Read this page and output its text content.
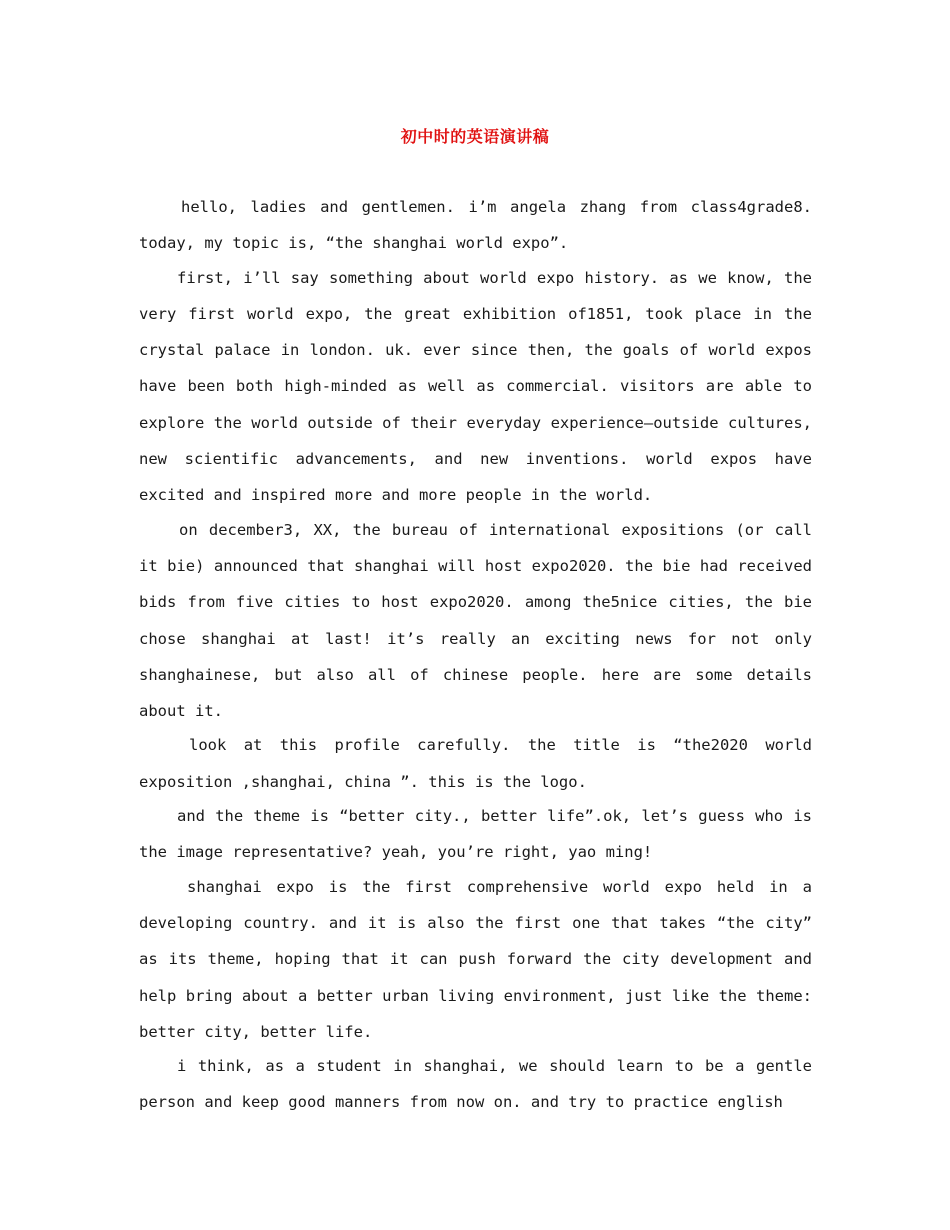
初中时的英语演讲稿

hello, ladies and gentlemen. i’m angela zhang from class4grade8. today, my topic is, “the shanghai world expo”.

first, i’ll say something about world expo history. as we know, the very first world expo, the great exhibition of1851, took place in the crystal palace in london. uk. ever since then, the goals of world expos have been both high-minded as well as commercial. visitors are able to explore the world outside of their everyday experience—outside cultures, new scientific advancements, and new inventions. world expos have excited and inspired more and more people in the world.

on december3, XX, the bureau of international expositions (or call it bie) announced that shanghai will host expo2020. the bie had received bids from five cities to host expo2020. among the5nice cities, the bie chose shanghai at last! it’s really an exciting news for not only shanghainese, but also all of chinese people. here are some details about it.

look at this profile carefully. the title is “the2020 world exposition ,shanghai, china ”. this is the logo.

and the theme is “better city., better life”.ok, let’s guess who is the image representative? yeah, you’re right, yao ming!

shanghai expo is the first comprehensive world expo held in a developing country. and it is also the first one that takes “the city” as its theme, hoping that it can push forward the city development and help bring about a better urban living environment, just like the theme: better city, better life.

i think, as a student in shanghai, we should learn to be a gentle person and keep good manners from now on. and try to practice english
